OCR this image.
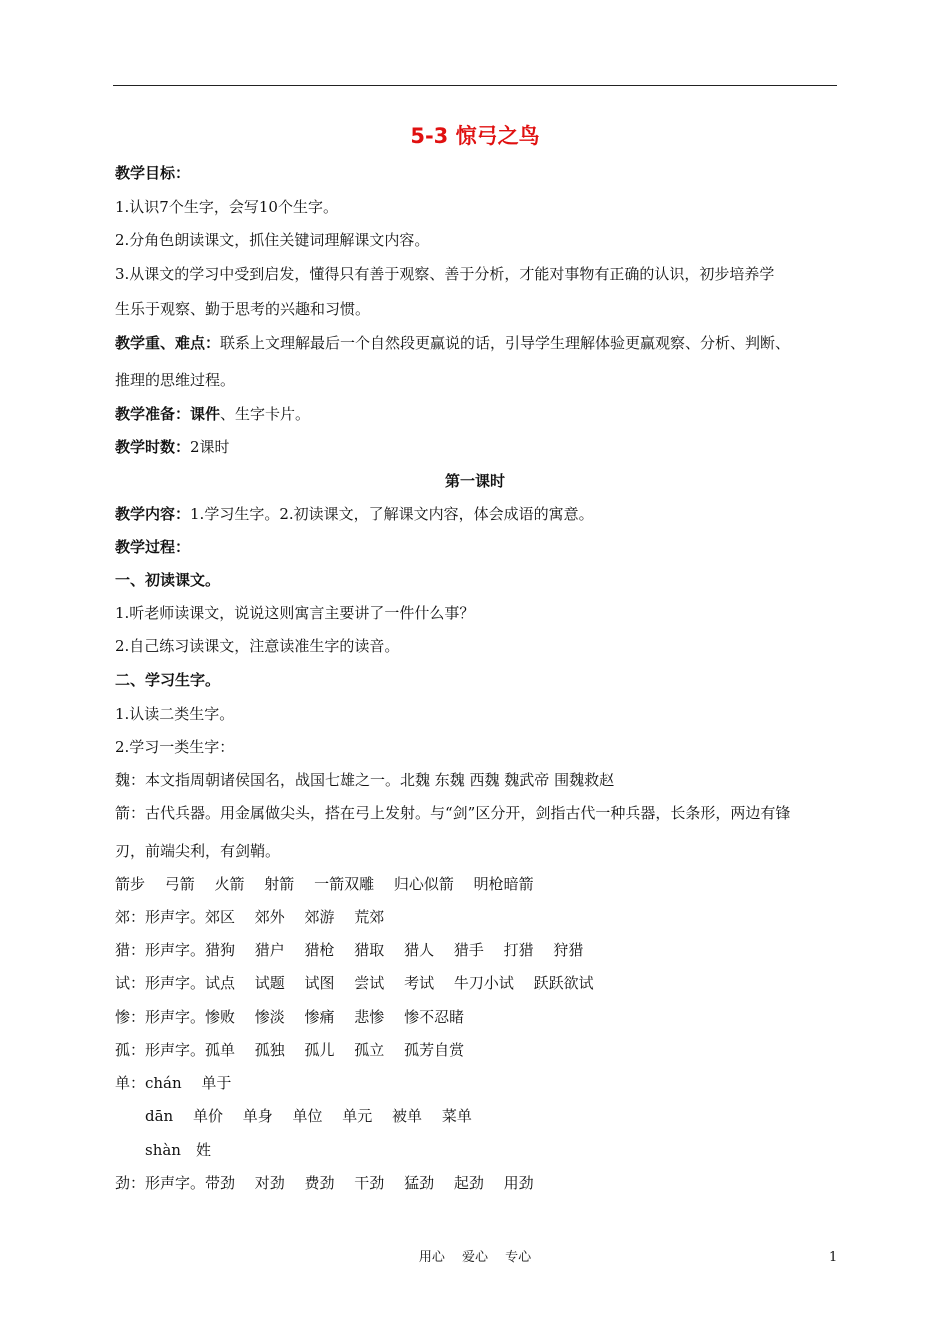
5-3 惊弓之鸟
教学目标：
1.认识7个生字，会写10个生字。
2.分角色朗读课文，抓住关键词理解课文内容。
3.从课文的学习中受到启发，懂得只有善于观察、善于分析，才能对事物有正确的认识，初步培养学
生乐于观察、勤于思考的兴趣和习惯。
教学重、难点：联系上文理解最后一个自然段更赢说的话，引导学生理解体验更赢观察、分析、判断、
推理的思维过程。
教学准备：课件、生字卡片。
教学时数：2课时
第一课时
教学内容：1.学习生字。2.初读课文，了解课文内容，体会成语的寓意。
教学过程：
一、初读课文。
1.听老师读课文，说说这则寓言主要讲了一件什么事？
2.自己练习读课文，注意读准生字的读音。
二、学习生字。
1.认读二类生字。
2.学习一类生字：
魏：本文指周朝诸侯国名，战国七雄之一。北魏 东魏 西魏 魏武帝 围魏救赵
箭：古代兵器。用金属做尖头，搭在弓上发射。与“剑”区分开，剑指古代一种兵器，长条形，两边有锋
刃，前端尖利，有剑鞘。
箭步　 弓箭　 火箭　 射箭　 一箭双雕　 归心似箭　 明枪暗箭
郊：形声字。郊区　 郊外　 郊游　 荒郊
猎：形声字。猎狗　 猎户　 猎枪　 猎取　 猎人　 猎手　 打猎　 狩猎
试：形声字。试点　 试题　 试图　 尝试　 考试　 牛刀小试　 跃跃欲试
惨：形声字。惨败　 惨淡　 惨痛　 悲惨　 惨不忍睹
孤：形声字。孤单　 孤独　 孤儿　 孤立　 孤芳自赏
单：chán　 单于
　　dān　 单价　 单身　 单位　 单元　 被单　 菜单
　　shàn　姓
劲：形声字。带劲　 对劲　 费劲　 干劲　 猛劲　 起劲　 用劲
用心　 爱心　 专心	1
